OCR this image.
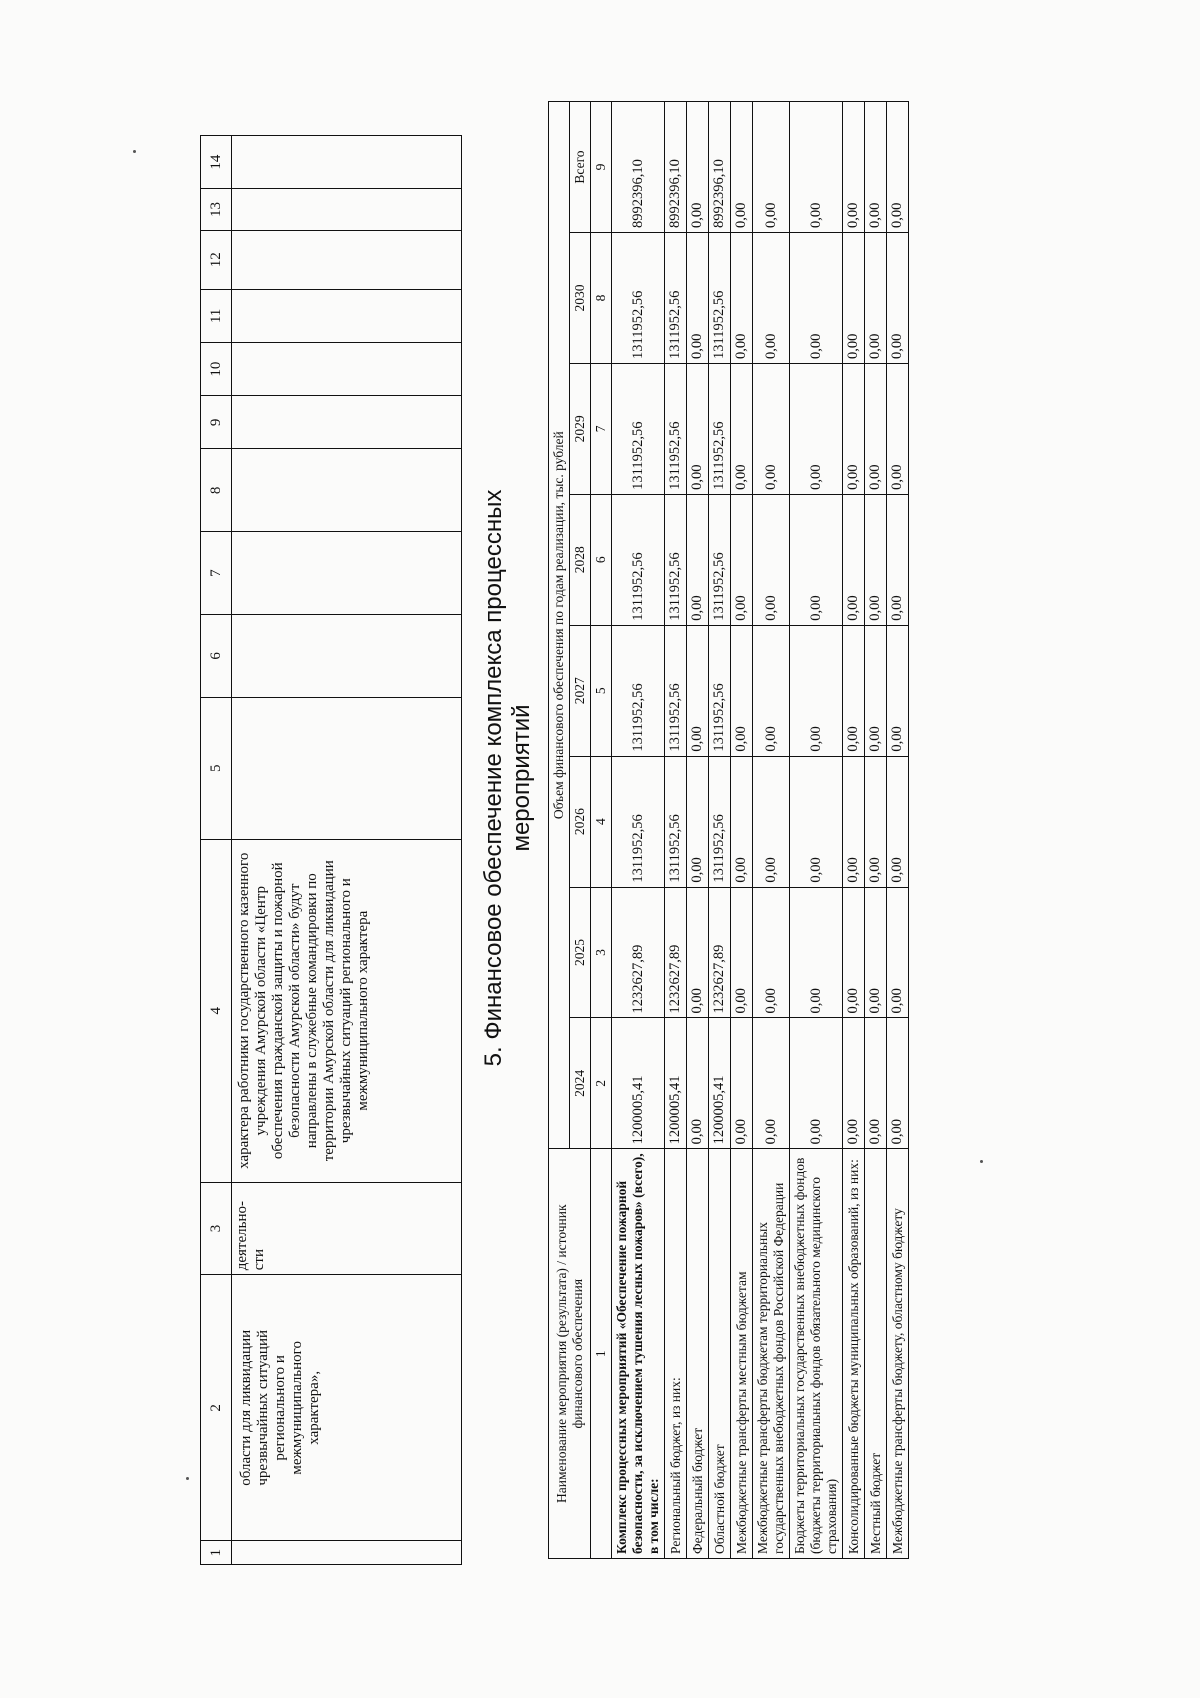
1	2	3	4	5	6	7	8	9	10	11	12	13	14
	области для ликвидации чрезвычайных ситуаций регионального и межмуниципального характера»,	деятельно-сти	характера работники государственного казенного учреждения Амурской области «Центр обеспечения гражданской защиты и пожарной безопасности Амурской области» будут направлены в служебные командировки по территории Амурской области для ликвидации чрезвычайных ситуаций регионального и межмуниципального характера											5. Финансовое обеспечение комплекса процессных мероприятий
Наименование мероприятия (результата) / источник финансового обеспечения	Объем финансового обеспечения по годам реализации, тыс. рублей							
	2024	2025	2026	2027	2028	2029	2030	Всего
1	2	3	4	5	6	7	8	9
Комплекс процессных мероприятий «Обеспечение пожарной безопасности, за исключением тушения лесных пожаров» (всего), в том числе:	1200005,41	1232627,89	1311952,56	1311952,56	1311952,56	1311952,56	1311952,56	8992396,10
Региональный бюджет, из них:	1200005,41	1232627,89	1311952,56	1311952,56	1311952,56	1311952,56	1311952,56	8992396,10
Федеральный бюджет	0,00	0,00	0,00	0,00	0,00	0,00	0,00	0,00
Областной бюджет	1200005,41	1232627,89	1311952,56	1311952,56	1311952,56	1311952,56	1311952,56	8992396,10
Межбюджетные трансферты местным бюджетам	0,00	0,00	0,00	0,00	0,00	0,00	0,00	0,00
Межбюджетные трансферты бюджетам территориальных государственных внебюджетных фондов Российской Федерации	0,00	0,00	0,00	0,00	0,00	0,00	0,00	0,00
Бюджеты территориальных государственных внебюджетных фондов (бюджеты территориальных фондов обязательного медицинского страхования)	0,00	0,00	0,00	0,00	0,00	0,00	0,00	0,00
Консолидированные бюджеты муниципальных образований, из них:	0,00	0,00	0,00	0,00	0,00	0,00	0,00	0,00
Местный бюджет	0,00	0,00	0,00	0,00	0,00	0,00	0,00	0,00
Межбюджетные трансферты бюджету, областному бюджету	0,00	0,00	0,00	0,00	0,00	0,00	0,00	0,00
